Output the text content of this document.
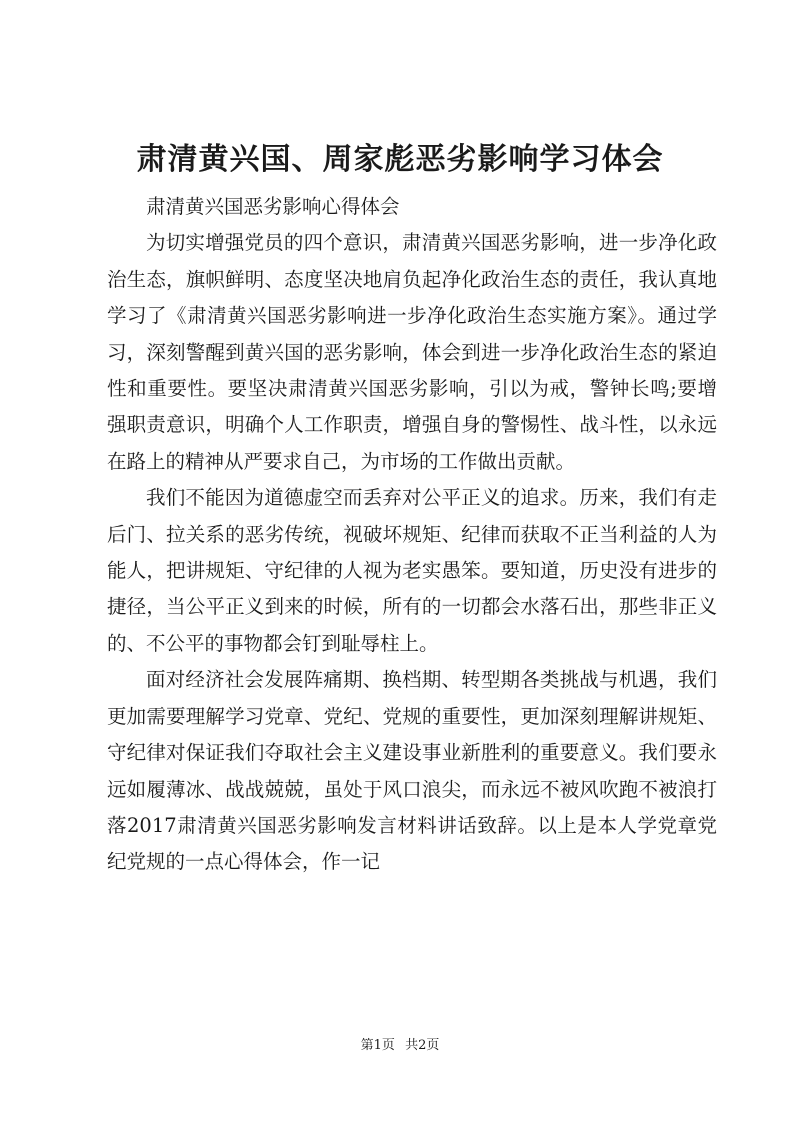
肃清黄兴国、周家彪恶劣影响学习体会

肃清黄兴国恶劣影响心得体会

为切实增强党员的四个意识，肃清黄兴国恶劣影响，进一步净化政治生态，旗帜鲜明、态度坚决地肩负起净化政治生态的责任，我认真地学习了《肃清黄兴国恶劣影响进一步净化政治生态实施方案》。通过学习，深刻警醒到黄兴国的恶劣影响，体会到进一步净化政治生态的紧迫性和重要性。要坚决肃清黄兴国恶劣影响，引以为戒，警钟长鸣;要增强职责意识，明确个人工作职责，增强自身的警惕性、战斗性，以永远在路上的精神从严要求自己，为市场的工作做出贡献。

我们不能因为道德虚空而丢弃对公平正义的追求。历来，我们有走后门、拉关系的恶劣传统，视破坏规矩、纪律而获取不正当利益的人为能人，把讲规矩、守纪律的人视为老实愚笨。要知道，历史没有进步的捷径，当公平正义到来的时候，所有的一切都会水落石出，那些非正义的、不公平的事物都会钉到耻辱柱上。

面对经济社会发展阵痛期、换档期、转型期各类挑战与机遇，我们更加需要理解学习党章、党纪、党规的重要性，更加深刻理解讲规矩、守纪律对保证我们夺取社会主义建设事业新胜利的重要意义。我们要永远如履薄冰、战战兢兢，虽处于风口浪尖，而永远不被风吹跑不被浪打落2017肃清黄兴国恶劣影响发言材料讲话致辞。以上是本人学党章党纪党规的一点心得体会，作一记

第1页 共2页
